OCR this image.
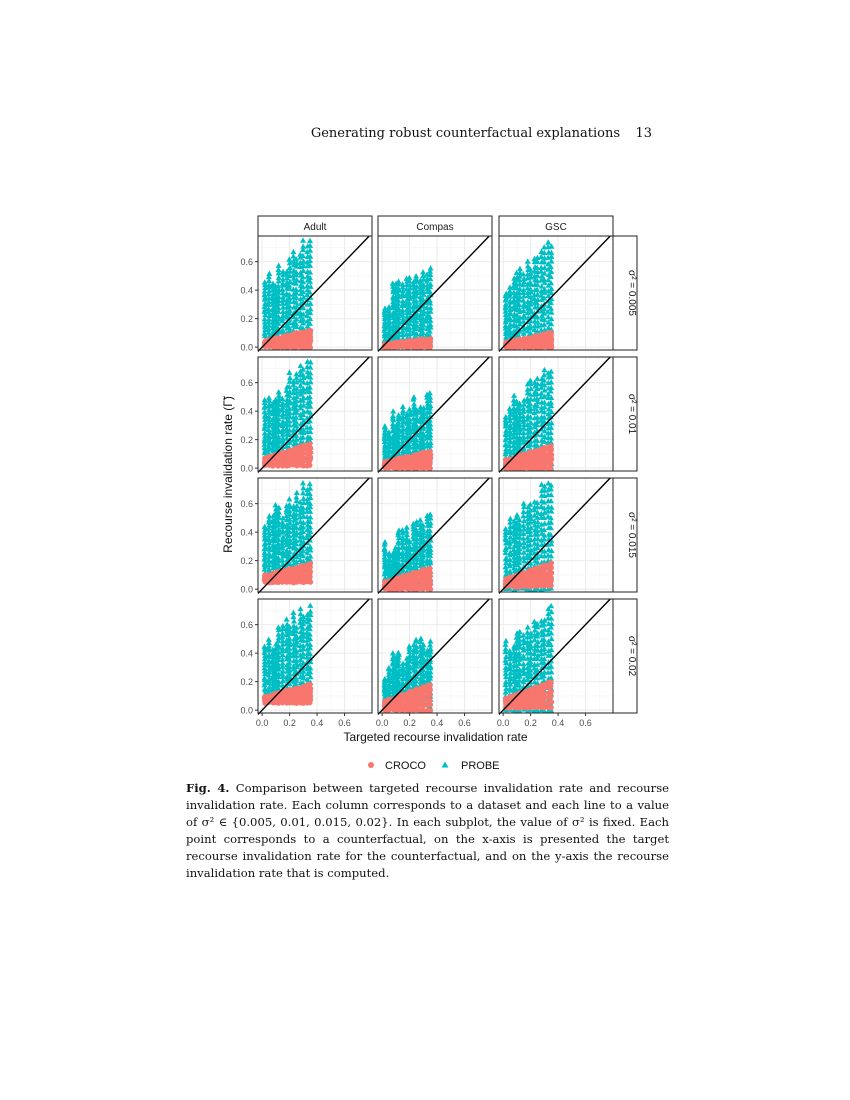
Generating robust counterfactual explanations 13
Adult	Compas	GSC
σ² = 0.005
σ² = 0.01
σ² = 0.015
σ² = 0.02
0.0
0.2
0.4
0.6
0.0
0.2
0.4
0.6
0.0
0.2
0.4
0.6
0.0
0.2
0.4
0.6
0.0 0.2 0.4 0.6	0.0 0.2 0.4 0.6	0.0 0.2 0.4 0.6
Targeted recourse invalidation rate
Recourse invalidation rate (Γ̃)
CROCO	PROBE

Fig. 4. Comparison between targeted recourse invalidation rate and recourse invalidation rate. Each column corresponds to a dataset and each line to a value of σ² ∈ {0.005, 0.01, 0.015, 0.02}. In each subplot, the value of σ² is fixed. Each point corresponds to a counterfactual, on the x-axis is presented the target recourse invalidation rate for the counterfactual, and on the y-axis the recourse invalidation rate that is computed.
